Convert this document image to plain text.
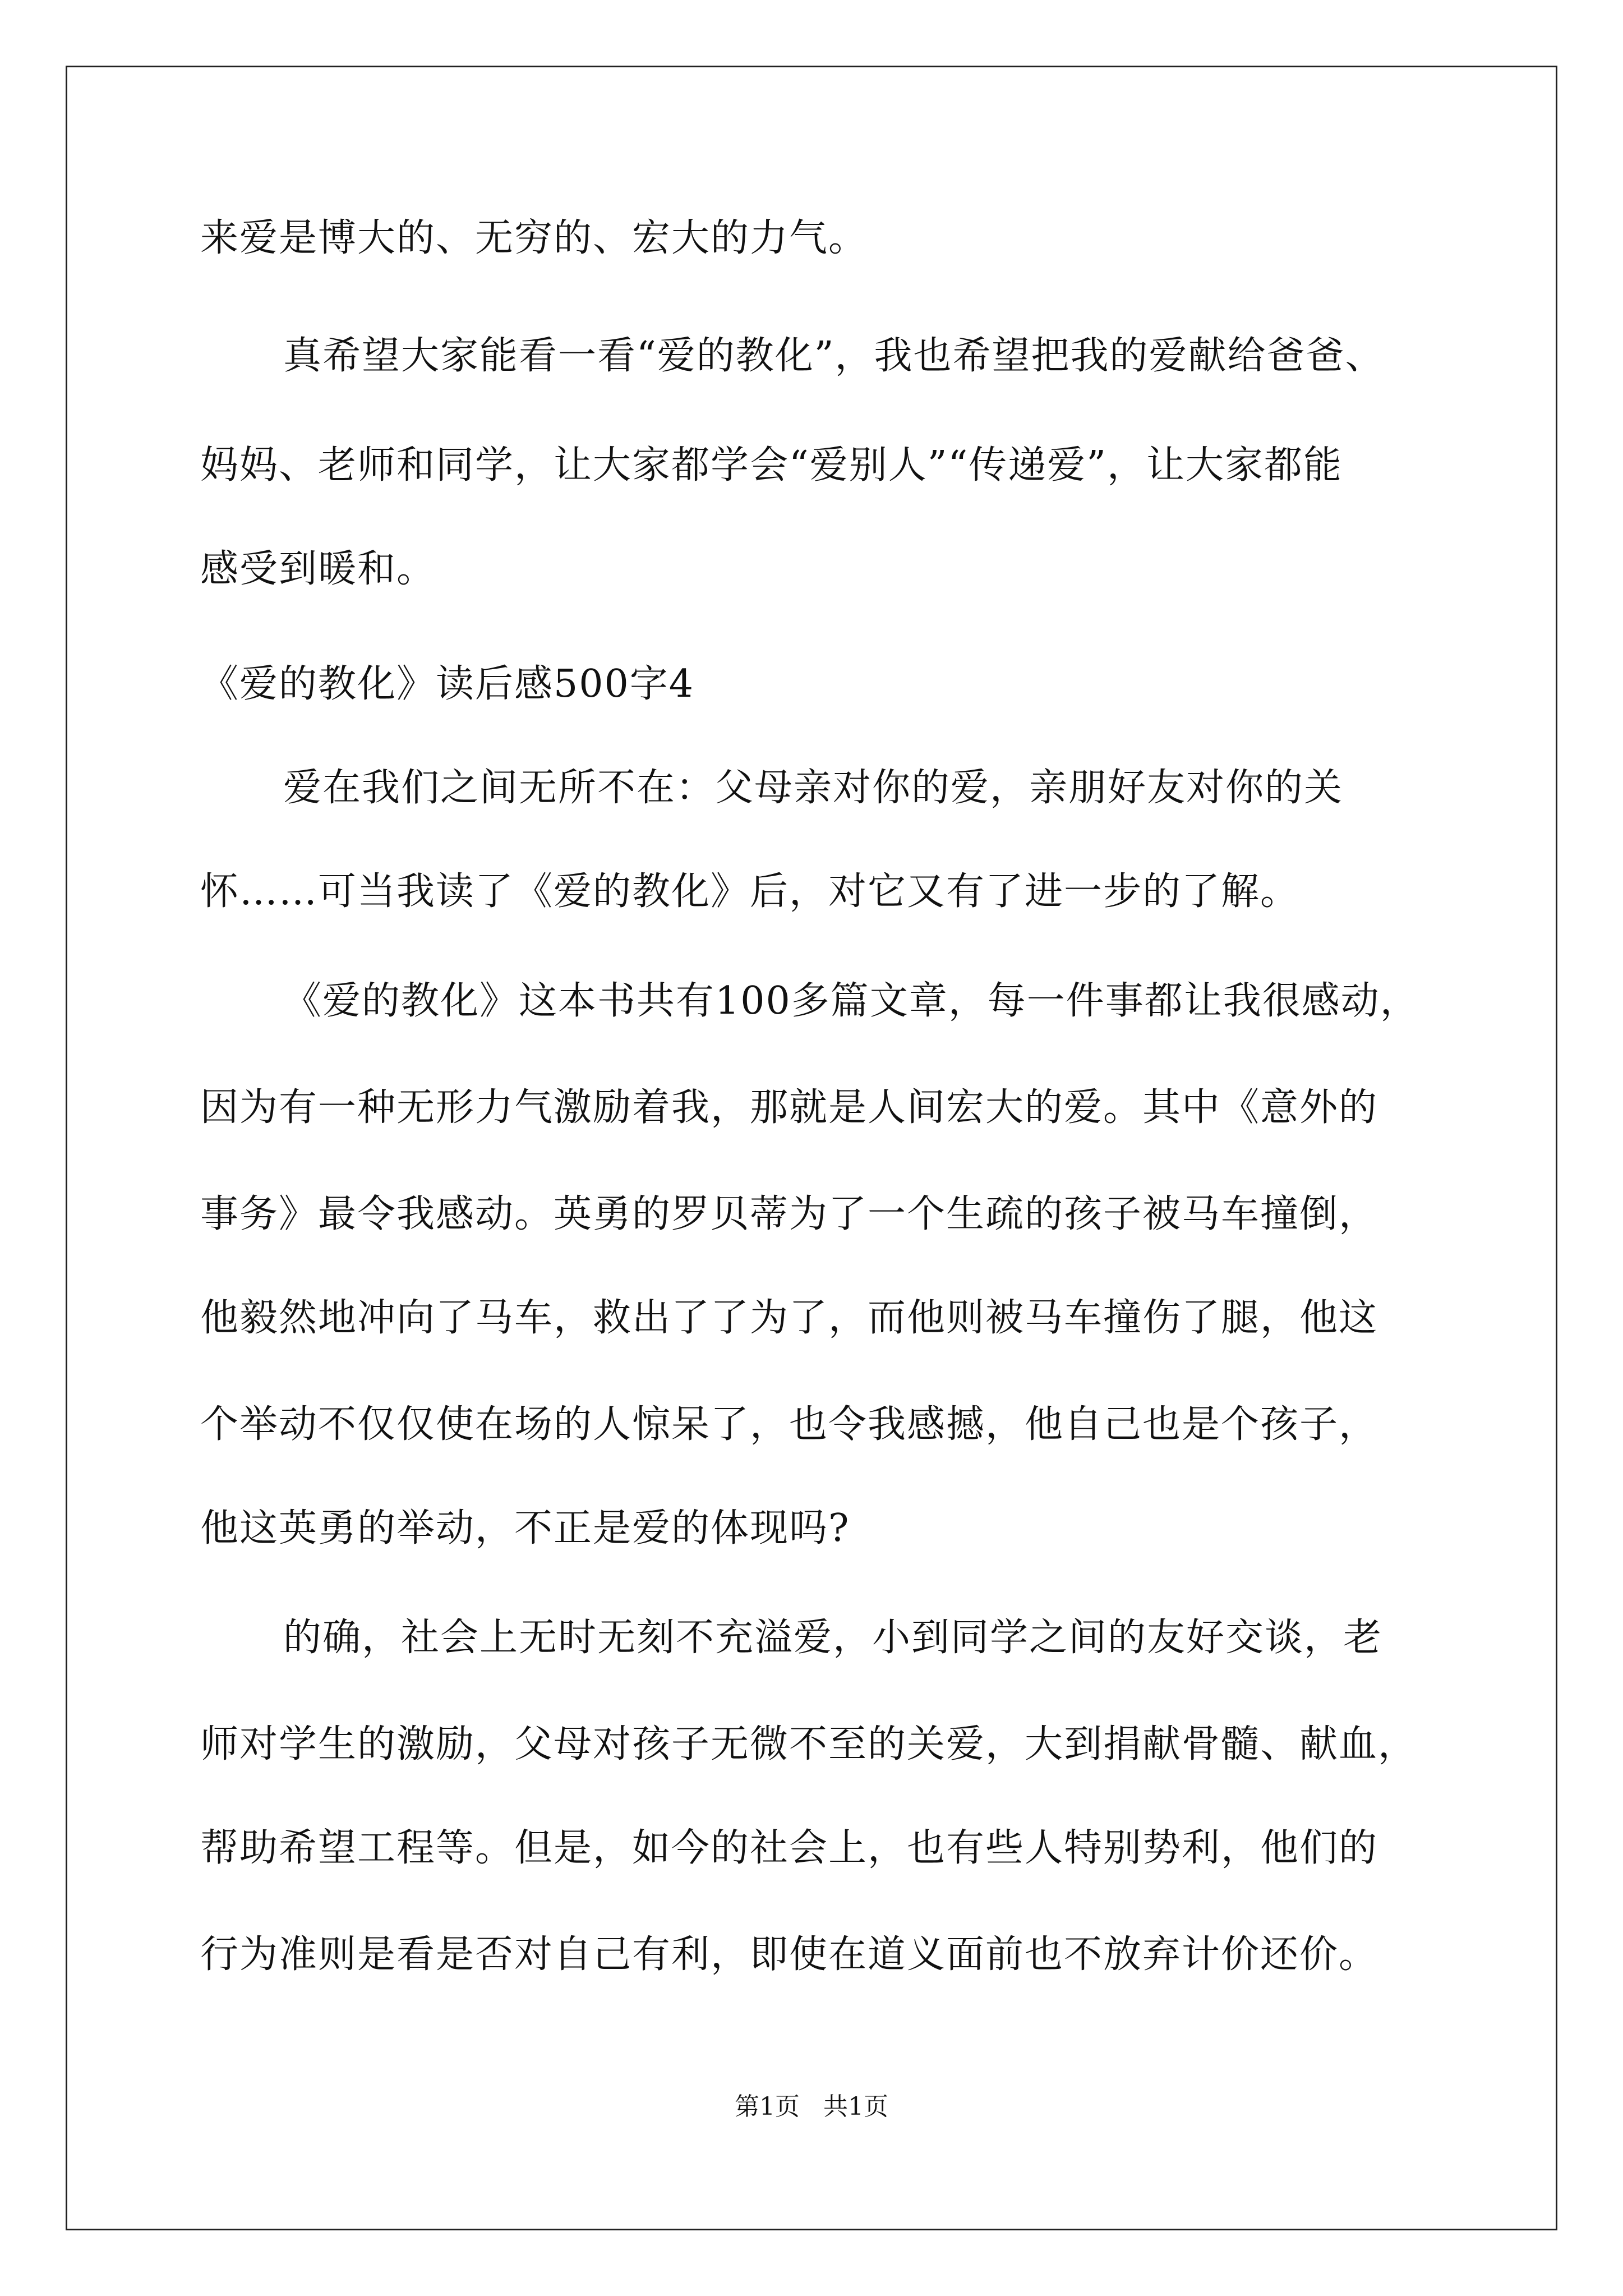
来爱是博大的、无穷的、宏大的力气。
真希望大家能看一看“爱的教化”，我也希望把我的爱献给爸爸、
妈妈、老师和同学，让大家都学会“爱别人”“传递爱”，让大家都能
感受到暖和。
《爱的教化》读后感500字4
爱在我们之间无所不在：父母亲对你的爱，亲朋好友对你的关
怀……可当我读了《爱的教化》后，对它又有了进一步的了解。
《爱的教化》这本书共有100多篇文章，每一件事都让我很感动，
因为有一种无形力气激励着我，那就是人间宏大的爱。其中《意外的
事务》最令我感动。英勇的罗贝蒂为了一个生疏的孩子被马车撞倒，
他毅然地冲向了马车，救出了了为了，而他则被马车撞伤了腿，他这
个举动不仅仅使在场的人惊呆了，也令我感撼，他自己也是个孩子，
他这英勇的举动，不正是爱的体现吗?
的确，社会上无时无刻不充溢爱，小到同学之间的友好交谈，老
师对学生的激励，父母对孩子无微不至的关爱，大到捐献骨髓、献血，
帮助希望工程等。但是，如今的社会上，也有些人特别势利，他们的
行为准则是看是否对自己有利，即使在道义面前也不放弃计价还价。
第1页   共1页
